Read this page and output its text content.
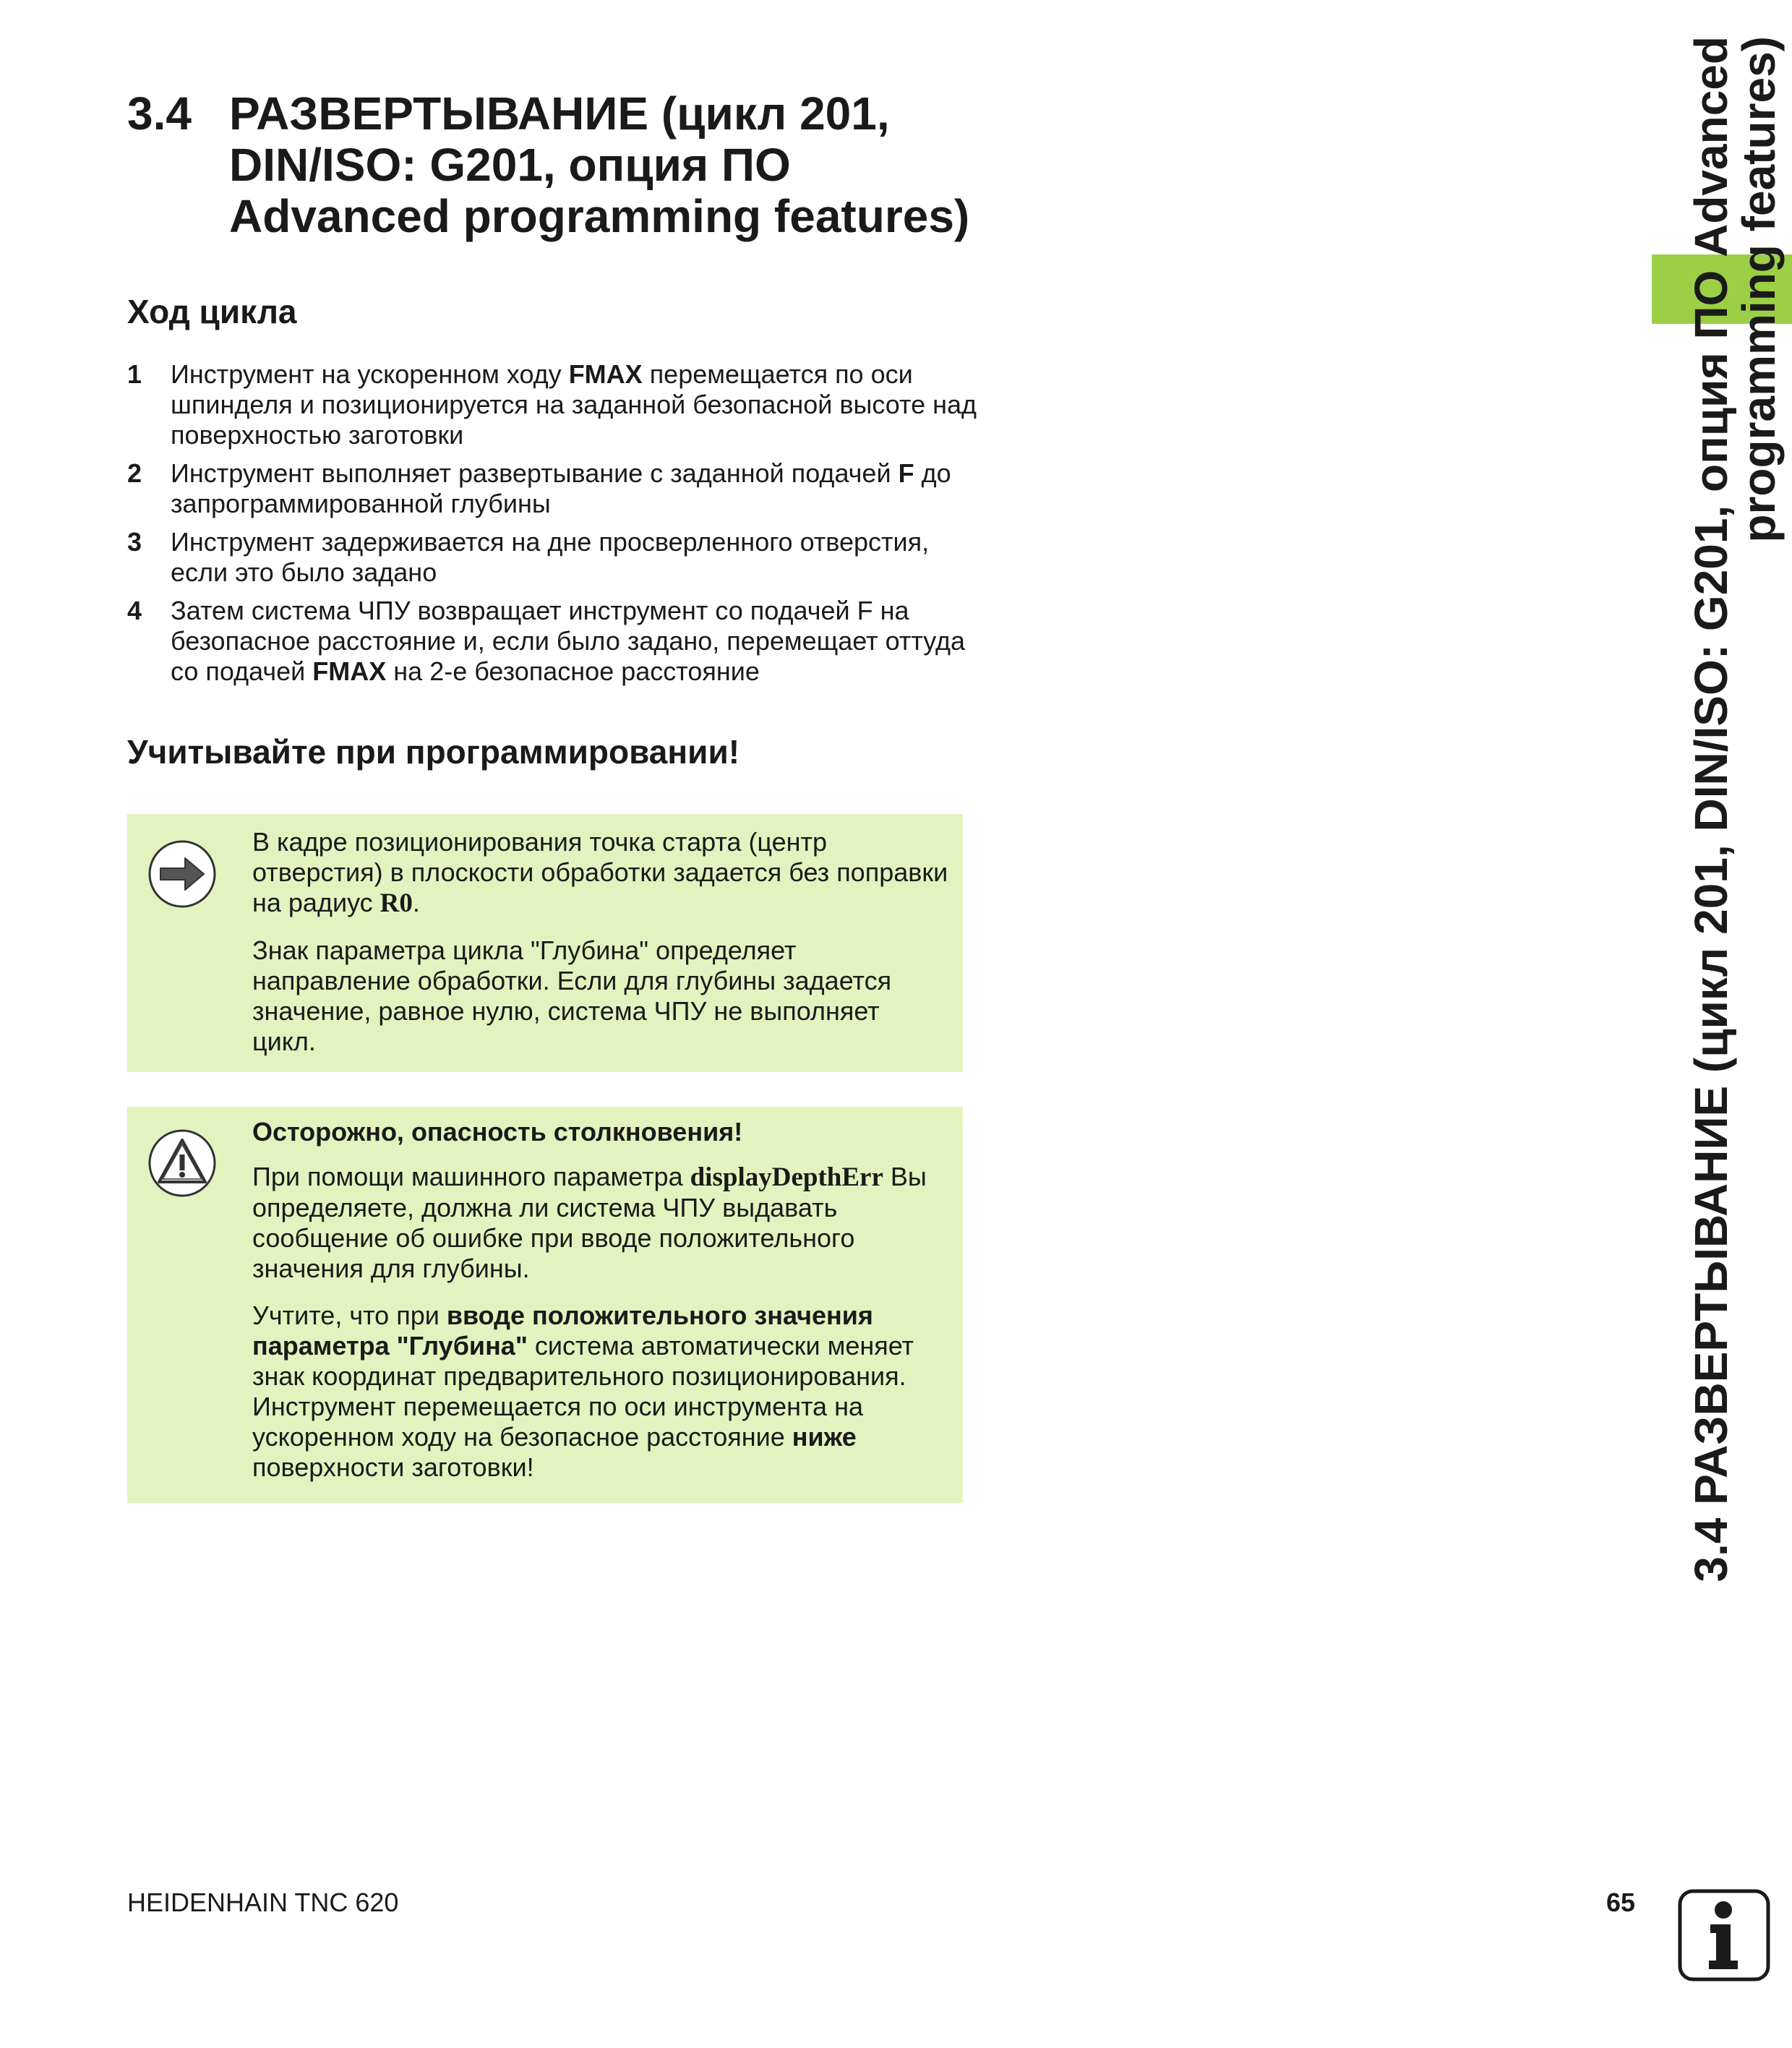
3.4 РАЗВЕРТЫВАНИЕ (цикл 201,
DIN/ISO: G201, опция ПО
Advanced programming features)
Ход цикла
1 Инструмент на ускоренном ходу FMAX перемещается по оси шпинделя и позиционируется на заданной безопасной высоте над поверхностью заготовки
2 Инструмент выполняет развертывание с заданной подачей F до запрограммированной глубины
3 Инструмент задерживается на дне просверленного отверстия, если это было задано
4 Затем система ЧПУ возвращает инструмент со подачей F на безопасное расстояние и, если было задано, перемещает оттуда со подачей FMAX на 2-е безопасное расстояние
Учитывайте при программировании!

В кадре позиционирования точка старта (центр отверстия) в плоскости обработки задается без поправки на радиус R0.

Знак параметра цикла "Глубина" определяет направление обработки. Если для глубины задается значение, равное нулю, система ЧПУ не выполняет цикл.

Осторожно, опасность столкновения!

При помощи машинного параметра displayDepthErr Вы определяете, должна ли система ЧПУ выдавать сообщение об ошибке при вводе положительного значения для глубины.

Учтите, что при вводе положительного значения параметра "Глубина" система автоматически меняет знак координат предварительного позиционирования. Инструмент перемещается по оси инструмента на ускоренном ходу на безопасное расстояние ниже поверхности заготовки!	3.4 РАЗВЕРТЫВАНИЕ (цикл 201, DIN/ISO: G201, опция ПО Advanced
programming features)
HEIDENHAIN TNC 620	65
